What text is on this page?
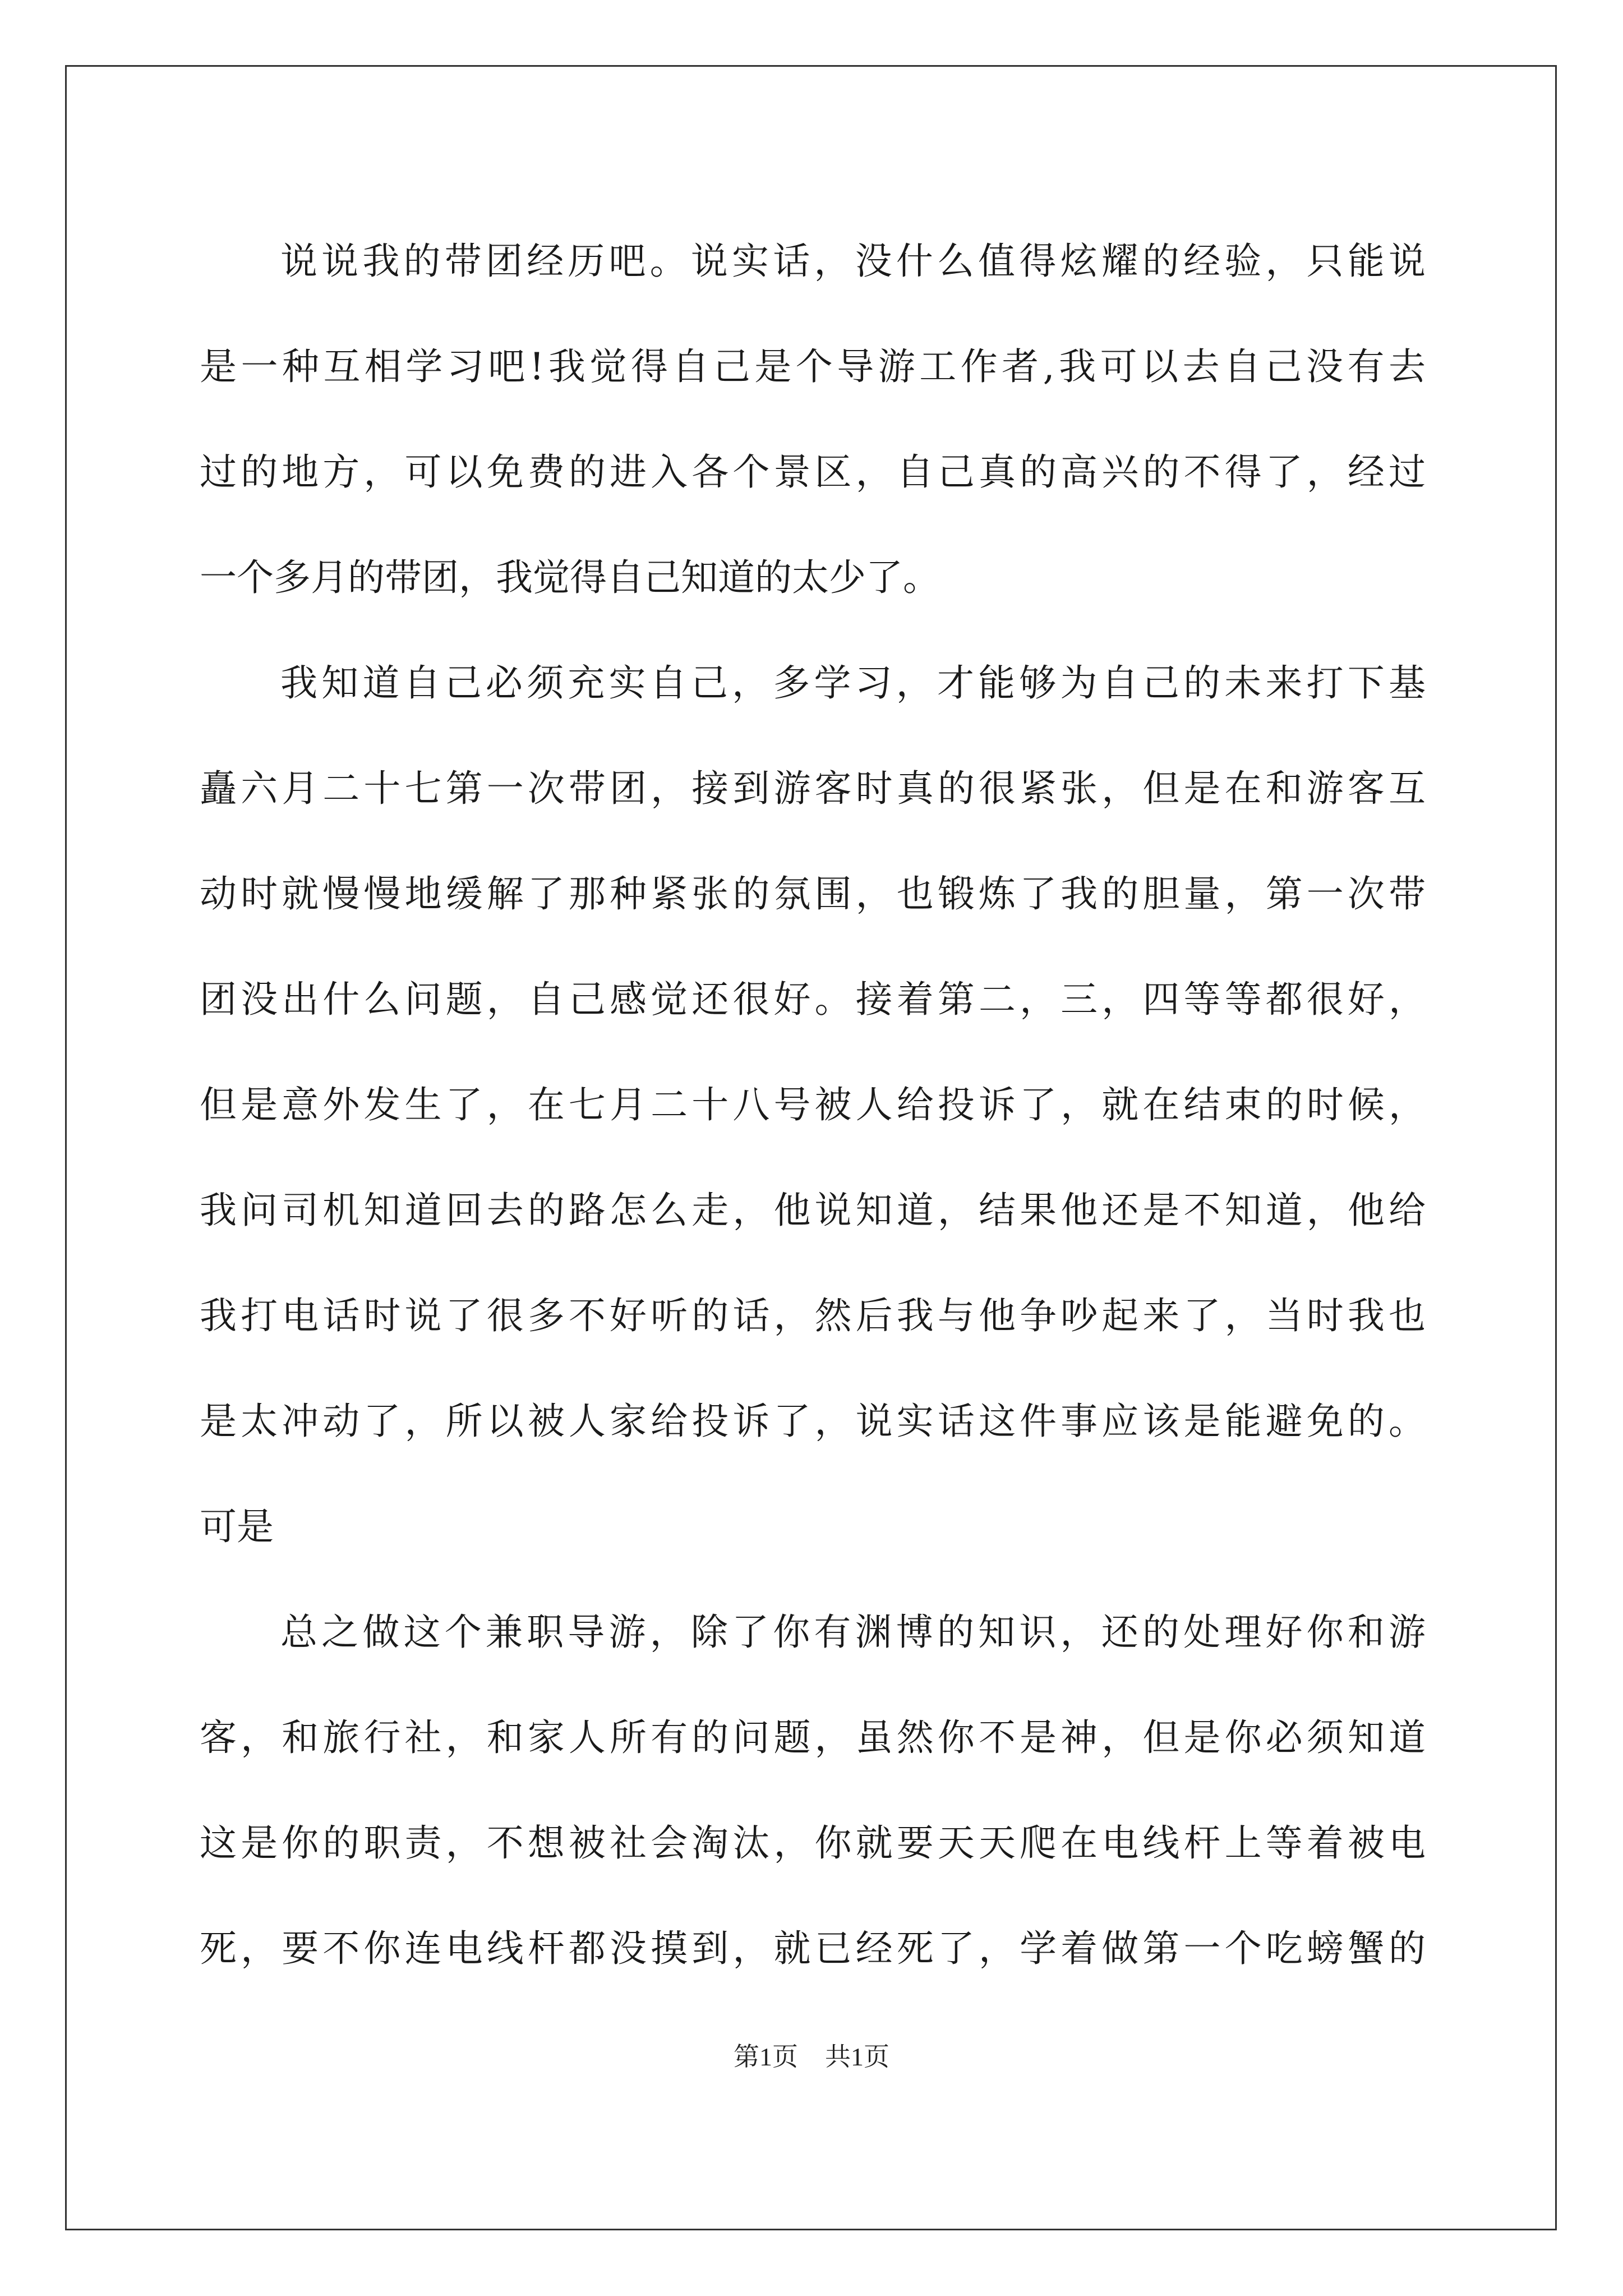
说说我的带团经历吧。说实话，没什么值得炫耀的经验，只能说
是一种互相学习吧!我觉得自己是个导游工作者,我可以去自己没有去
过的地方，可以免费的进入各个景区，自己真的高兴的不得了，经过
一个多月的带团，我觉得自己知道的太少了。
我知道自己必须充实自己，多学习，才能够为自己的未来打下基
矗六月二十七第一次带团，接到游客时真的很紧张，但是在和游客互
动时就慢慢地缓解了那种紧张的氛围，也锻炼了我的胆量，第一次带
团没出什么问题，自己感觉还很好。接着第二，三，四等等都很好，
但是意外发生了，在七月二十八号被人给投诉了，就在结束的时候，
我问司机知道回去的路怎么走，他说知道，结果他还是不知道，他给
我打电话时说了很多不好听的话，然后我与他争吵起来了，当时我也
是太冲动了，所以被人家给投诉了，说实话这件事应该是能避免的。
可是
总之做这个兼职导游，除了你有渊博的知识，还的处理好你和游
客，和旅行社，和家人所有的问题，虽然你不是神，但是你必须知道
这是你的职责，不想被社会淘汰，你就要天天爬在电线杆上等着被电
死，要不你连电线杆都没摸到，就已经死了，学着做第一个吃螃蟹的
第1页 共1页
